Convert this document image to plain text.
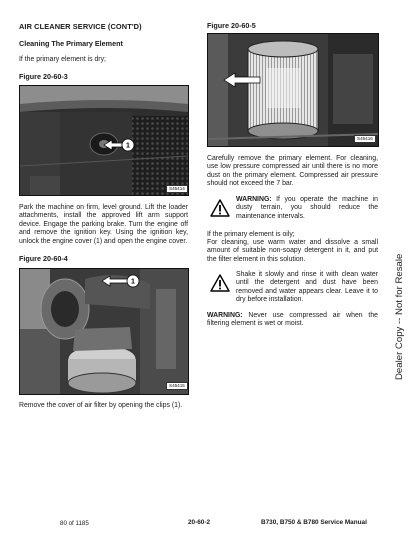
AIR CLEANER SERVICE (CONT'D)
Cleaning The Primary Element
If the primary element is dry;
Figure 20-60-3
1
S45414
Park the machine on firm, level ground. Lift the loader attachments, install the approved lift arm support device. Engage the parking brake. Turn the engine off and remove the ignition key. Using the ignition key, unlock the engine cover (1) and open the engine cover.
Figure 20-60-4
1
S45415
Remove the cover of air filter by opening the clips (1).
Figure 20-60-5
S45416
Carefully remove the primary element. For cleaning, use low pressure compressed air until there is no more dust on the primary element. Compressed air pressure should not exceed the 7 bar.
WARNING: If you operate the machine in dusty terrain, you should reduce the maintenance intervals.
If the primary element is oily;
For cleaning, use warm water and dissolve a small amount of suitable non-soapy detergent in it, and put the filter element in this solution.
Shake it slowly and rinse it with clean water until the detergent and dust have been removed and water appears clear. Leave it to dry before installation.
WARNING: Never use compressed air when the filtering element is wet or moist.	Dealer Copy -- Not for Resale
80 of 1185	20-60-2	B730, B750 & B780 Service Manual
